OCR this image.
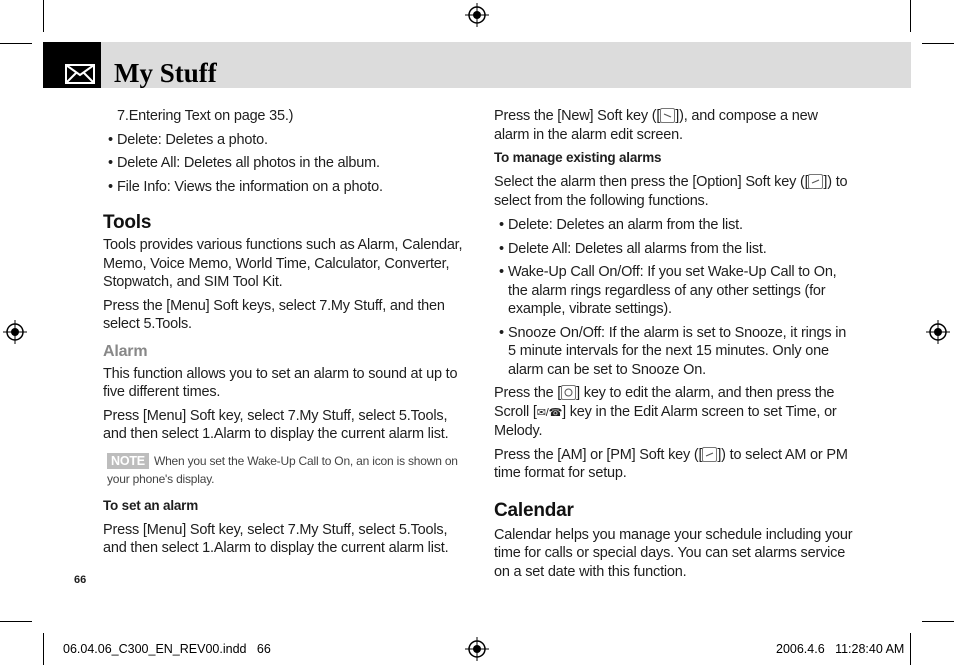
My Stuff

7.Entering Text on page 35.)

• Delete: Deletes a photo.

• Delete All: Deletes all photos in the album.

• File Info: Views the information on a photo.

Tools

Tools provides various functions such as Alarm, Calendar, Memo, Voice Memo, World Time, Calculator, Converter, Stopwatch, and SIM Tool Kit.

Press the [Menu] Soft keys, select 7.My Stuff, and then select 5.Tools.

Alarm

This function allows you to set an alarm to sound at up to five different times.

Press [Menu] Soft key, select 7.My Stuff, select 5.Tools, and then select 1.Alarm to display the current alarm list.

NOTE When you set the Wake-Up Call to On, an icon is shown on your phone's display.
To set an alarm

Press [Menu] Soft key, select 7.My Stuff, select 5.Tools, and then select 1.Alarm to display the current alarm list.

66

Press the [New] Soft key ([ ]), and compose a new alarm in the alarm edit screen.

To manage existing alarms

Select the alarm then press the [Option] Soft key ([ ]) to select from the following functions.

• Delete: Deletes an alarm from the list.

• Delete All: Deletes all alarms from the list.

• Wake-Up Call On/Off: If you set Wake-Up Call to On, the alarm rings regardless of any other settings (for example, vibrate settings).

• Snooze On/Off: If the alarm is set to Snooze, it rings in 5 minute intervals for the next 15 minutes. Only one alarm can be set to Snooze On.

Press the [ ] key to edit the alarm, and then press the Scroll [✉/☎] key in the Edit Alarm screen to set Time, or Melody.

Press the [AM] or [PM] Soft key ([ ]) to select AM or PM time format for setup.

Calendar

Calendar helps you manage your schedule including your time for calls or special days. You can set alarms service on a set date with this function.

06.04.06_C300_EN_REV00.indd   66	2006.4.6   11:28:40 AM
